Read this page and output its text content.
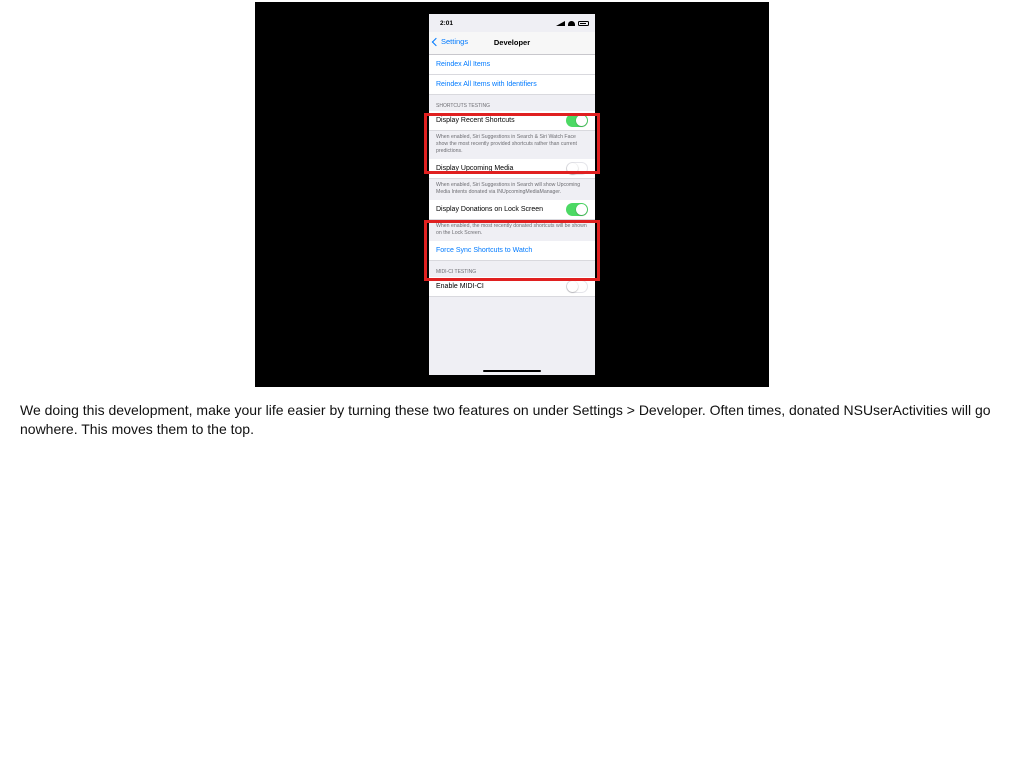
2:01
Settings	Developer
Reindex All Items
Reindex All Items with Identifiers
SHORTCUTS TESTING
Display Recent Shortcuts
When enabled, Siri Suggestions in Search & Siri Watch Face show the most recently provided shortcuts rather than current predictions.
Display Upcoming Media
When enabled, Siri Suggestions in Search will show Upcoming Media Intents donated via INUpcomingMediaManager.
Display Donations on Lock Screen
When enabled, the most recently donated shortcuts will be shown on the Lock Screen.
Force Sync Shortcuts to Watch
MIDI-CI TESTING
Enable MIDI-CI
We doing this development, make your life easier by turning these two features on under Settings > Developer. Often times, donated NSUserActivities will go nowhere. This moves them to the top.
